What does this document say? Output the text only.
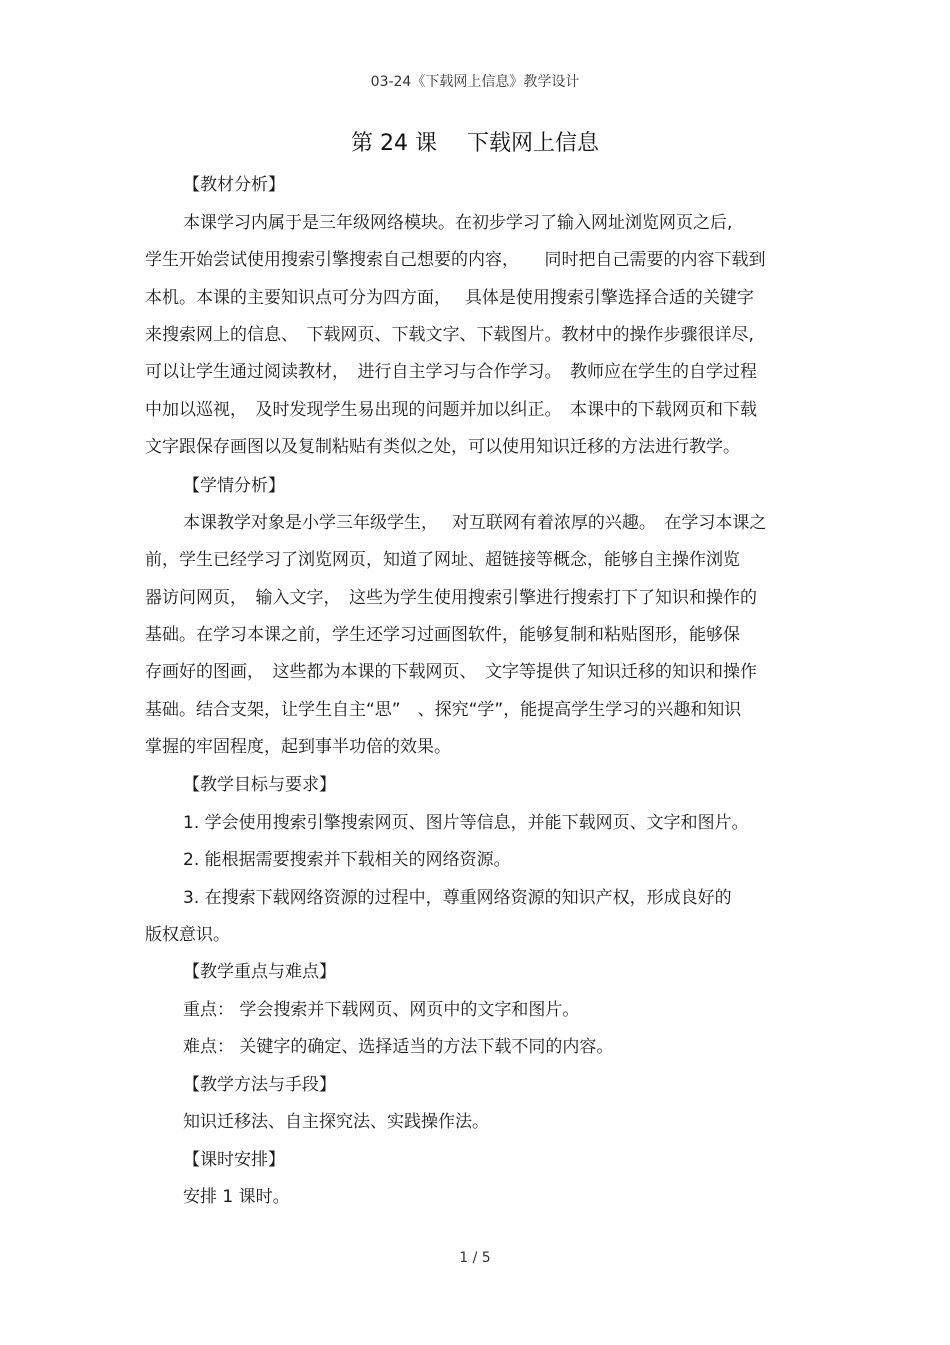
03-24《下载网上信息》教学设计
第 24 课 下载网上信息
【教材分析】
本课学习内属于是三年级网络模块。在初步学习了输入网址浏览网页之后,
学生开始尝试使用搜索引擎搜索自己想要的内容，　　同时把自己需要的内容下载到
本机。本课的主要知识点可分为四方面，　 具体是使用搜索引擎选择合适的关键字
来搜索网上的信息、　下载网页、下载文字、下载图片。教材中的操作步骤很详尽,
可以让学生通过阅读教材，　进行自主学习与合作学习。　教师应在学生的自学过程
中加以巡视，　及时发现学生易出现的问题并加以纠正。　本课中的下载网页和下载
文字跟保存画图以及复制粘贴有类似之处，可以使用知识迁移的方法进行教学。
【学情分析】
本课教学对象是小学三年级学生，　 对互联网有着浓厚的兴趣。　在学习本课之
前，学生已经学习了浏览网页，知道了网址、超链接等概念，能够自主操作浏览
器访问网页，　输入文字，　这些为学生使用搜索引擎进行搜索打下了知识和操作的
基础。在学习本课之前，学生还学习过画图软件，能够复制和粘贴图形，能够保
存画好的图画，　这些都为本课的下载网页、　文字等提供了知识迁移的知识和操作
基础。结合支架，让学生自主“思”　、探究“学”，能提高学生学习的兴趣和知识
掌握的牢固程度，起到事半功倍的效果。
【教学目标与要求】
1. 学会使用搜索引擎搜索网页、图片等信息，并能下载网页、文字和图片。
2. 能根据需要搜索并下载相关的网络资源。
3. 在搜索下载网络资源的过程中，尊重网络资源的知识产权，形成良好的
版权意识。
【教学重点与难点】
重点： 学会搜索并下载网页、网页中的文字和图片。
难点： 关键字的确定、选择适当的方法下载不同的内容。
【教学方法与手段】
知识迁移法、自主探究法、实践操作法。
【课时安排】
安排 1 课时。
1 / 5
